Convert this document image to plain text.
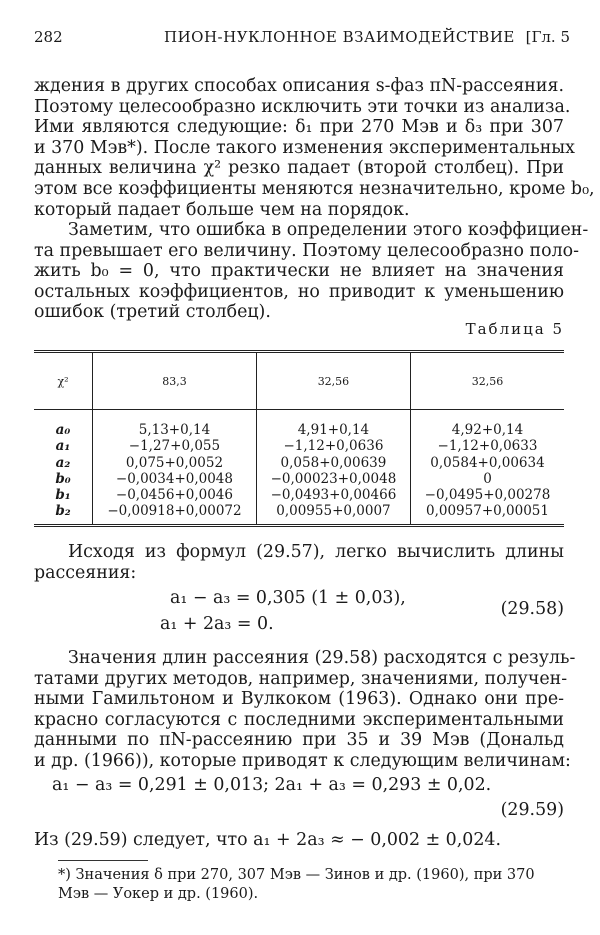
282	ПИОН-НУКЛОННОЕ ВЗАИМОДЕЙСТВИЕ [Гл. 5

ждения в других способах описания s-фаз πN-рассеяния.
Поэтому целесообразно исключить эти точки из анализа.
Ими являются следующие: δ₁ при 270 Мэв и δ₃ при 307
и 370 Мэв*). После такого изменения экспериментальных
данных величина χ² резко падает (второй столбец). При
этом все коэффициенты меняются незначительно, кроме b₀,
который падает больше чем на порядок.

Заметим, что ошибка в определении этого коэффициен-
та превышает его величину. Поэтому целесообразно поло-
жить b₀ = 0, что практически не влияет на значения
остальных коэффициентов, но приводит к уменьшению
ошибок (третий столбец).

Таблица 5
χ²	83,3	32,56	32,56
a₀	5,13+0,14	4,91+0,14	4,92+0,14
a₁	−1,27+0,055	−1,12+0,0636	−1,12+0,0633
a₂	0,075+0,0052	0,058+0,00639	0,0584+0,00634
b₀	−0,0034+0,0048	−0,00023+0,0048	0
b₁	−0,0456+0,0046	−0,0493+0,00466	−0,0495+0,00278
b₂	−0,00918+0,00072	0,00955+0,0007	0,00957+0,00051

Исходя из формул (29.57), легко вычислить длины
рассеяния:

a₁ − a₃ = 0,305 (1 ± 0,03),
a₁ + 2a₃ = 0.
(29.58)

Значения длин рассеяния (29.58) расходятся с резуль-
татами других методов, например, значениями, получен-
ными Гамильтоном и Вулкоком (1963). Однако они пре-
красно согласуются с последними экспериментальными
данными по πN-рассеянию при 35 и 39 Мэв (Дональд
и др. (1966)), которые приводят к следующим величинам:

a₁ − a₃ = 0,291 ± 0,013; 2a₁ + a₃ = 0,293 ± 0,02.
(29.59)
Из (29.59) следует, что a₁ + 2a₃ ≈ − 0,002 ± 0,024.

*) Значения δ при 270, 307 Мэв — Зинов и др. (1960), при 370
Мэв — Уокер и др. (1960).
